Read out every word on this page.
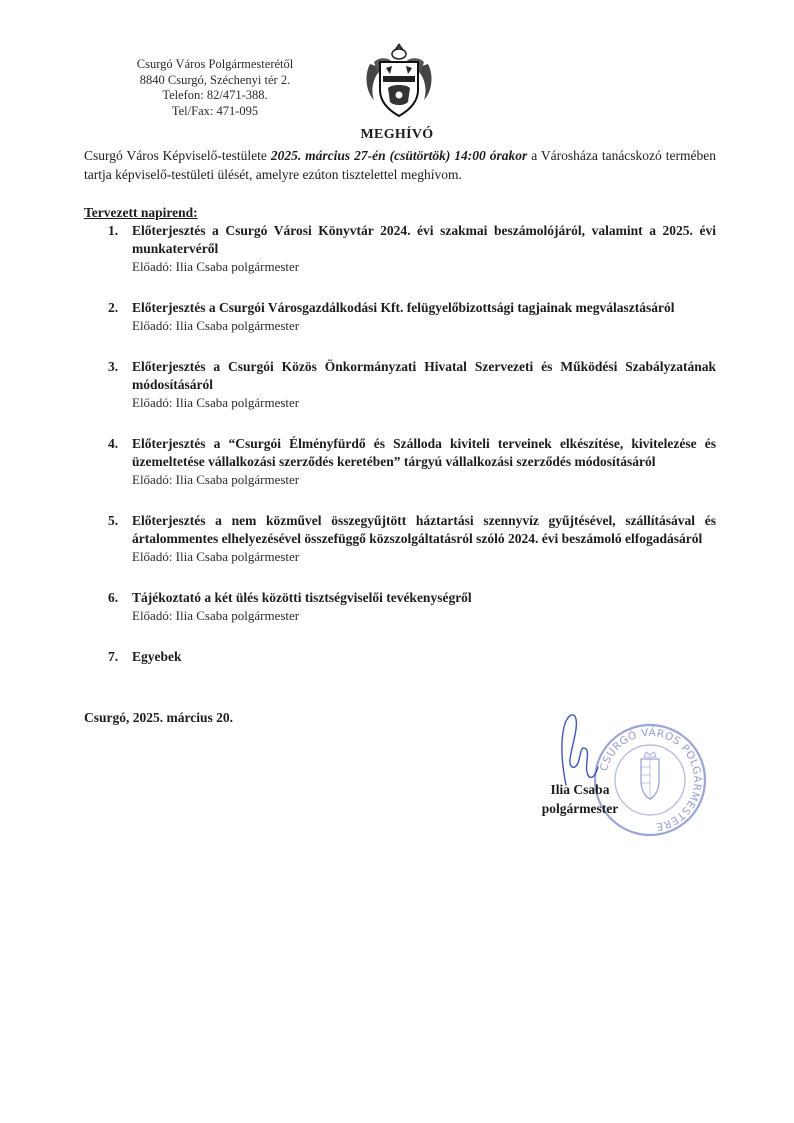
Csurgó Város Polgármesterétől
8840 Csurgó, Széchenyi tér 2.
Telefon: 82/471-388.
Tel/Fax: 471-095
MEGHÍVÓ
Csurgó Város Képviselő-testülete 2025. március 27-én (csütörtök) 14:00 órakor a Városháza tanácskozó termében tartja képviselő-testületi ülését, amelyre ezúton tisztelettel meghívom.
Tervezett napirend:
1. Előterjesztés a Csurgó Városi Könyvtár 2024. évi szakmai beszámolójáról, valamint a 2025. évi munkatervéről
Előadó: Ilia Csaba polgármester
2. Előterjesztés a Csurgói Városgazdálkodási Kft. felügyelőbizottsági tagjainak megválasztásáról
Előadó: Ilia Csaba polgármester
3. Előterjesztés a Csurgói Közös Önkormányzati Hivatal Szervezeti és Működési Szabályzatának módosításáról
Előadó: Ilia Csaba polgármester
4. Előterjesztés a “Csurgói Élményfürdő és Szálloda kiviteli terveinek elkészítése, kivitelezése és üzemeltetése vállalkozási szerződés keretében” tárgyú vállalkozási szerződés módosításáról
Előadó: Ilia Csaba polgármester
5. Előterjesztés a nem közművel összegyűjtött háztartási szennyvíz gyűjtésével, szállításával és ártalommentes elhelyezésével összefüggő közszolgáltatásról szóló 2024. évi beszámoló elfogadásáról
Előadó: Ilia Csaba polgármester
6. Tájékoztató a két ülés közötti tisztségviselői tevékenységről
Előadó: Ilia Csaba polgármester
7. Egyebek
Csurgó, 2025. március 20.
CSURGÓ VÁROS POLGÁRMESTERE
Ilia Csaba
polgármester
